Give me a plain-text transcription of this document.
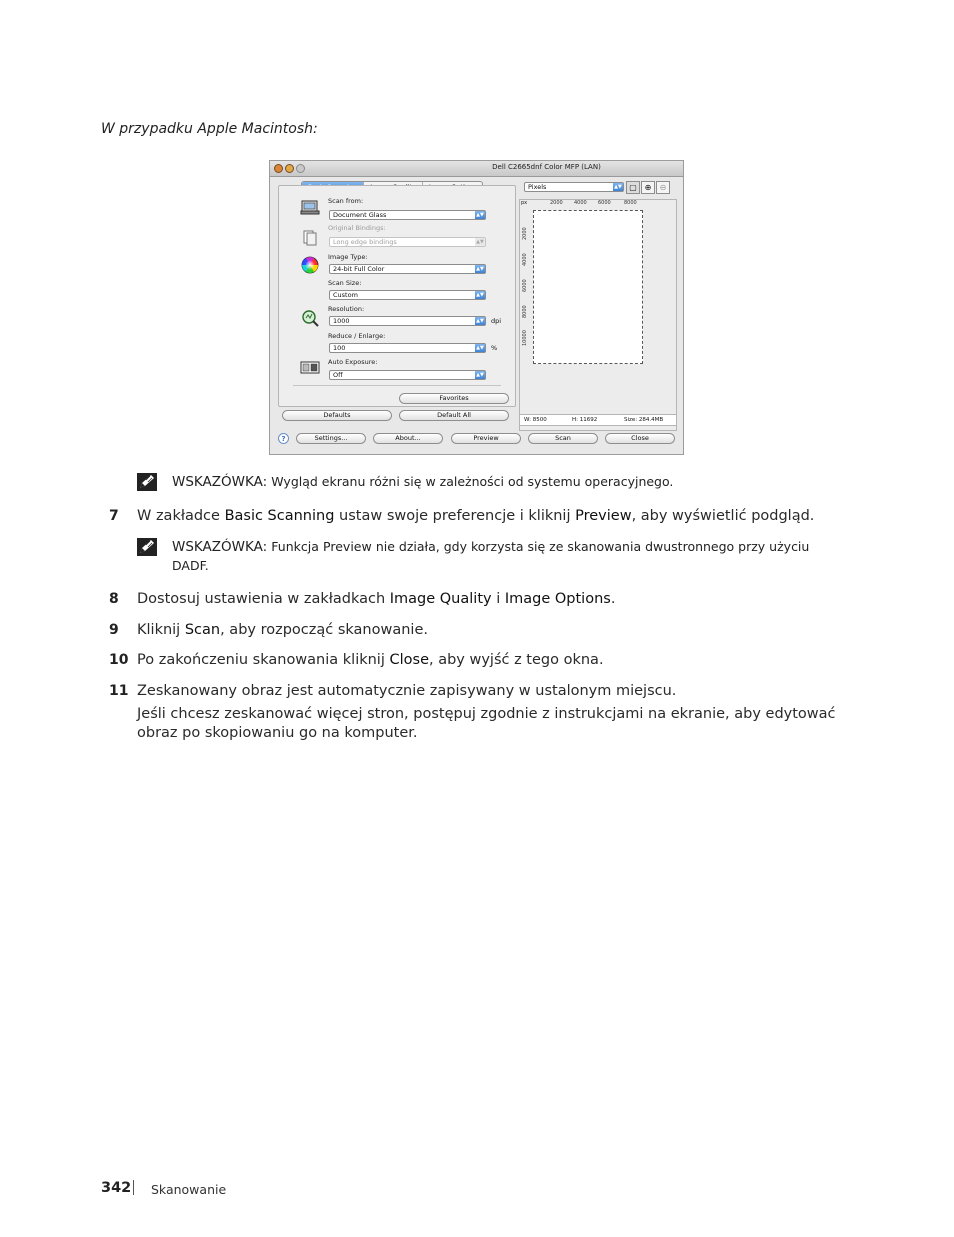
W przypadku Apple Macintosh:
Dell C2665dnf Color MFP (LAN)
Scan from:
Document Glass	▲▼
Original Bindings:
Long edge bindings	▲▼
Image Type:
24-bit Full Color	▲▼
Scan Size:
Custom	▲▼
Resolution:
1000	▲▼ dpi
Reduce / Enlarge:
100	▲▼ %
Auto Exposure:
Off	▲▼
Favorites
Defaults	Default All
Pixels	▲▼ ▢ ⊕	⊖
px	2000 4000 6000	8000
2000
4000
6000
8000
10000
W: 8500	H: 11692	Size: 284.4MB
?	Settings...	About...	Preview	Scan	Close
WSKAZÓWKA: Wygląd ekranu różni się w zależności od systemu operacyjnego.
7 W zakładce Basic Scanning ustaw swoje preferencje i kliknij Preview, aby wyświetlić podgląd.
WSKAZÓWKA: Funkcja Preview nie działa, gdy korzysta się ze skanowania dwustronnego przy użyciu
DADF.
8 Dostosuj ustawienia w zakładkach Image Quality i Image Options.
9 Kliknij Scan, aby rozpocząć skanowanie.
10 Po zakończeniu skanowania kliknij Close, aby wyjść z tego okna.
11 Zeskanowany obraz jest automatycznie zapisywany w ustalonym miejscu.
Jeśli chcesz zeskanować więcej stron, postępuj zgodnie z instrukcjami na ekranie, aby edytować
obraz po skopiowaniu go na komputer.
342 Skanowanie
